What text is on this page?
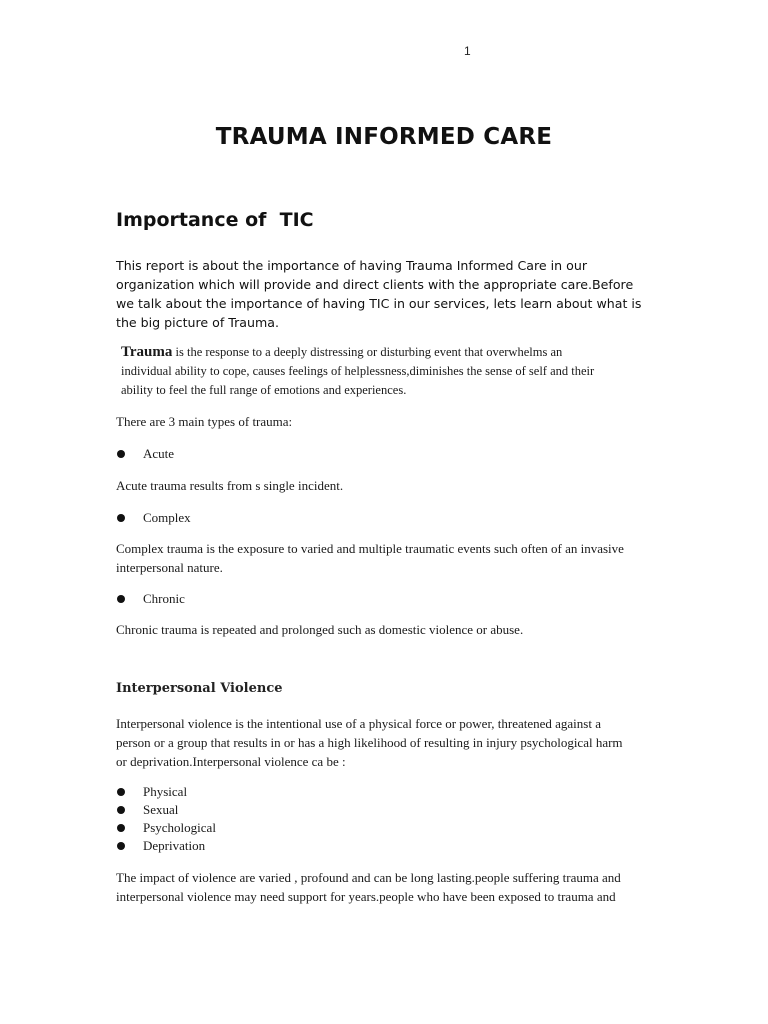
1
TRAUMA INFORMED CARE
Importance of  TIC

This report is about the importance of having Trauma Informed Care in our
organization which will provide and direct clients with the appropriate care.Before
we talk about the importance of having TIC in our services, lets learn about what is
the big picture of Trauma.

Trauma is the response to a deeply distressing or disturbing event that overwhelms an
individual ability to cope, causes feelings of helplessness,diminishes the sense of self and their
ability to feel the full range of emotions and experiences.

There are 3 main types of trauma:

Acute

Acute trauma results from s single incident.

Complex

Complex trauma is the exposure to varied and multiple traumatic events such often of an invasive
interpersonal nature.

Chronic

Chronic trauma is repeated and prolonged such as domestic violence or abuse.

Interpersonal Violence

Interpersonal violence is the intentional use of a physical force or power, threatened against a
person or a group that results in or has a high likelihood of resulting in injury psychological harm
or deprivation.Interpersonal violence ca be :

Physical

Sexual

Psychological

Deprivation

The impact of violence are varied , profound and can be long lasting.people suffering trauma and
interpersonal violence may need support for years.people who have been exposed to trauma and
